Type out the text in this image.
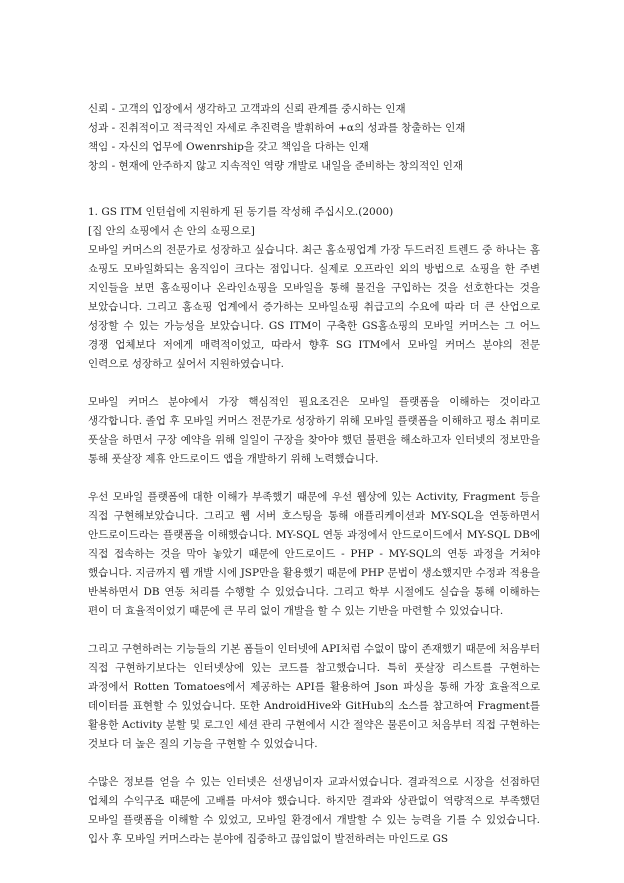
신뢰 - 고객의 입장에서 생각하고 고객과의 신뢰 관계를 중시하는 인재
성과 - 진취적이고 적극적인 자세로 추진력을 발휘하여 +α의 성과를 창출하는 인재
책임 - 자신의 업무에 Owenrship을 갖고 책임을 다하는 인재
창의 - 현재에 안주하지 않고 지속적인 역량 개발로 내일을 준비하는 창의적인 인재
1. GS ITM 인턴쉽에 지원하게 된 동기를 작성해 주십시오.(2000)
[집 안의 쇼핑에서 손 안의 쇼핑으로]

모바일 커머스의 전문가로 성장하고 싶습니다. 최근 홈쇼핑업계 가장 두드러진 트렌드 중 하나는 홈 쇼핑도 모바일화되는 움직임이 크다는 점입니다. 실제로 오프라인 외의 방법으로 쇼핑을 한 주변 지인들을 보면 홈쇼핑이나 온라인쇼핑을 모바일을 통해 물건을 구입하는 것을 선호한다는 것을 보았습니다. 그리고 홈쇼핑 업계에서 증가하는 모바일쇼핑 취급고의 수요에 따라 더 큰 산업으로 성장할 수 있는 가능성을 보았습니다. GS ITM이 구축한 GS홈쇼핑의 모바일 커머스는 그 어느 경쟁 업체보다 저에게 매력적이었고, 따라서 향후 SG ITM에서 모바일 커머스 분야의 전문 인력으로 성장하고 싶어서 지원하였습니다.

모바일 커머스 분야에서 가장 핵심적인 필요조건은 모바일 플랫폼을 이해하는 것이라고 생각합니다. 졸업 후 모바일 커머스 전문가로 성장하기 위해 모바일 플랫폼을 이해하고 평소 취미로 풋살을 하면서 구장 예약을 위해 일일이 구장을 찾아야 했던 불편을 해소하고자 인터넷의 정보만을 통해 풋살장 제휴 안드로이드 앱을 개발하기 위해 노력했습니다.

우선 모바일 플랫폼에 대한 이해가 부족했기 때문에 우선 웹상에 있는 Activity, Fragment 등을 직접 구현해보았습니다. 그리고 웹 서버 호스팅을 통해 애플리케이션과 MY-SQL을 연동하면서 안드로이드라는 플랫폼을 이해했습니다. MY-SQL 연동 과정에서 안드로이드에서 MY-SQL DB에 직접 접속하는 것을 막아 놓았기 때문에 안드로이드 - PHP - MY-SQL의 연동 과정을 거쳐야 했습니다. 지금까지 웹 개발 시에 JSP만을 활용했기 때문에 PHP 문법이 생소했지만 수정과 적용을 반복하면서 DB 연동 처리를 수행할 수 있었습니다. 그리고 학부 시절에도 실습을 통해 이해하는 편이 더 효율적이었기 때문에 큰 무리 없이 개발을 할 수 있는 기반을 마련할 수 있었습니다.

그리고 구현하려는 기능들의 기본 폼들이 인터넷에 API처럼 수없이 많이 존재했기 때문에 처음부터 직접 구현하기보다는 인터넷상에 있는 코드를 참고했습니다. 특히 풋살장 리스트를 구현하는 과정에서 Rotten Tomatoes에서 제공하는 API를 활용하여 Json 파싱을 통해 가장 효율적으로 데이터를 표현할 수 있었습니다. 또한 AndroidHive와 GitHub의 소스를 참고하여 Fragment를 활용한 Activity 분할 및 로그인 세션 관리 구현에서 시간 절약은 물론이고 처음부터 직접 구현하는 것보다 더 높은 질의 기능을 구현할 수 있었습니다.

수많은 정보를 얻을 수 있는 인터넷은 선생님이자 교과서였습니다. 결과적으로 시장을 선점하던 업체의 수익구조 때문에 고배를 마셔야 했습니다. 하지만 결과와 상관없이 역량적으로 부족했던 모바일 플랫폼을 이해할 수 있었고, 모바일 환경에서 개발할 수 있는 능력을 기를 수 있었습니다. 입사 후 모바일 커머스라는 분야에 집중하고 끊임없이 발전하려는 마인드로 GS
